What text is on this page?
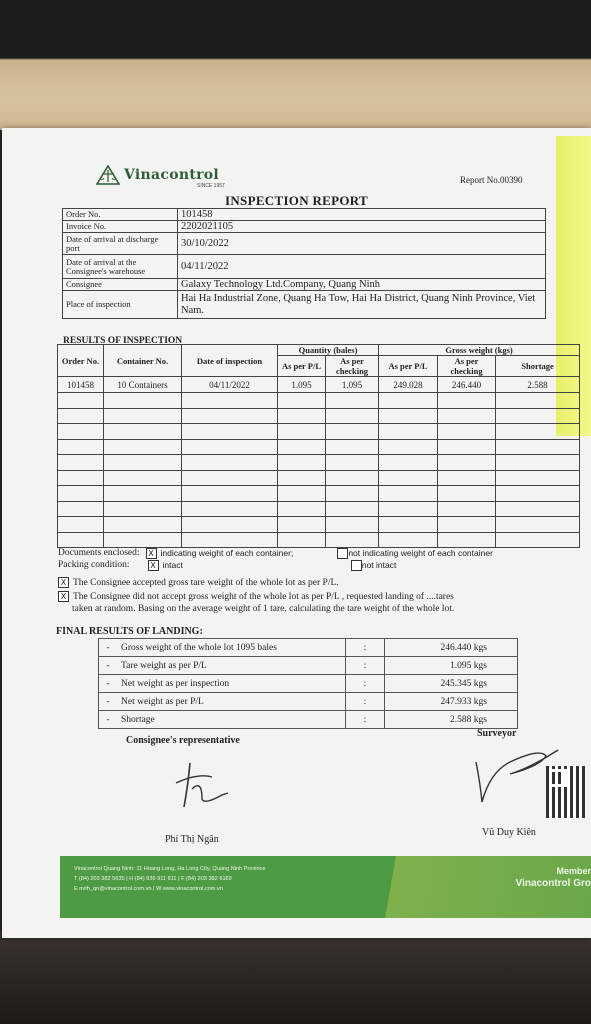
Vinacontrol
SINCE 1957
Report No.00390
INSPECTION REPORT
Order No.	101458
Invoice No.	2202021105
Date of arrival at discharge port	30/10/2022
Date of arrival at the Consignee's warehouse	04/11/2022
Consignee	Galaxy Technology Ltd.Company, Quang Ninh
Place of inspection	Hai Ha Industrial Zone, Quang Ha Tow, Hai Ha District, Quang Ninh Province, Viet Nam.
RESULTS OF INSPECTION
Order No.	Container No.	Date of inspection	Quantity (bales)		Gross weight (kgs)		
			As per P/L	As per checking	As per P/L	As per checking	Shortage
101458	10 Containers	04/11/2022	1.095	1.095	249.028	246.440	2.588

Documents enclosed:	X indicating weight of each container;	not indicating weight of each container
Packing condition:	X intact	not intact
X The Consignee accepted gross tare weight of the whole lot as per P/L.
X The Consignee did not accept gross weight of the whole lot as per P/L , requested landing of ....tares
taken at random. Basing on the average weight of 1 tare, calculating the tare weight of the whole lot.
FINAL RESULTS OF LANDING:
-	Gross weight of the whole lot 1095 bales	:	246.440 kgs
-	Tare weight as per P/L	:	1.095 kgs
-	Net weight as per inspection	:	245.345 kgs
-	Net weight as per P/L	:	247.933 kgs
-	Shortage	:	2.588 kgs
Consignee's representative
Surveyor
Phí Thị Ngân
Vũ Duy Kiên
Vinacontrol Quang Ninh: 11 Hoang Long, Ha Long City, Quang Ninh Province
T (84) 203 382 5635 | H (84) 936 911 611 | F (84) 203 382 6169
E nvth_qn@vinacontrol.com.vn | W www.vinacontrol.com.vn
Member
Vinacontrol Gro
